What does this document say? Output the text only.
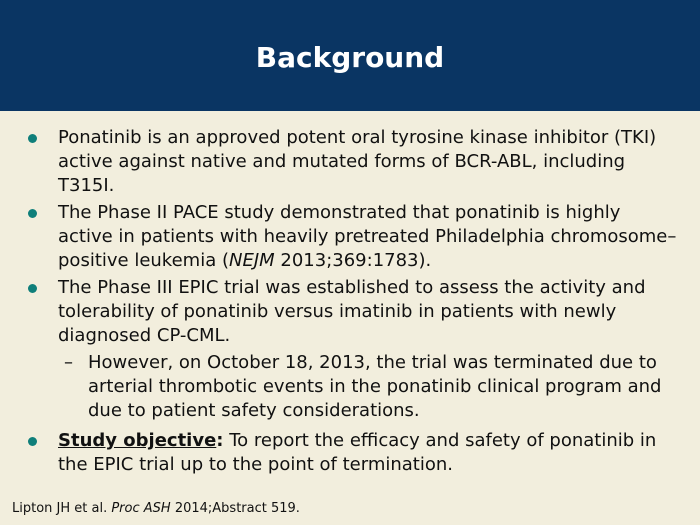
Background
Ponatinib is an approved potent oral tyrosine kinase inhibitor (TKI) active against native and mutated forms of BCR-ABL, including T315I.
The Phase II PACE study demonstrated that ponatinib is highly active in patients with heavily pretreated Philadelphia chromosome–positive leukemia (NEJM 2013;369:1783).
The Phase III EPIC trial was established to assess the activity and tolerability of ponatinib versus imatinib in patients with newly diagnosed CP-CML.
– However, on October 18, 2013, the trial was terminated due to arterial thrombotic events in the ponatinib clinical program and due to patient safety considerations.
Study objective: To report the efficacy and safety of ponatinib in the EPIC trial up to the point of termination.
Lipton JH et al. Proc ASH 2014;Abstract 519.
